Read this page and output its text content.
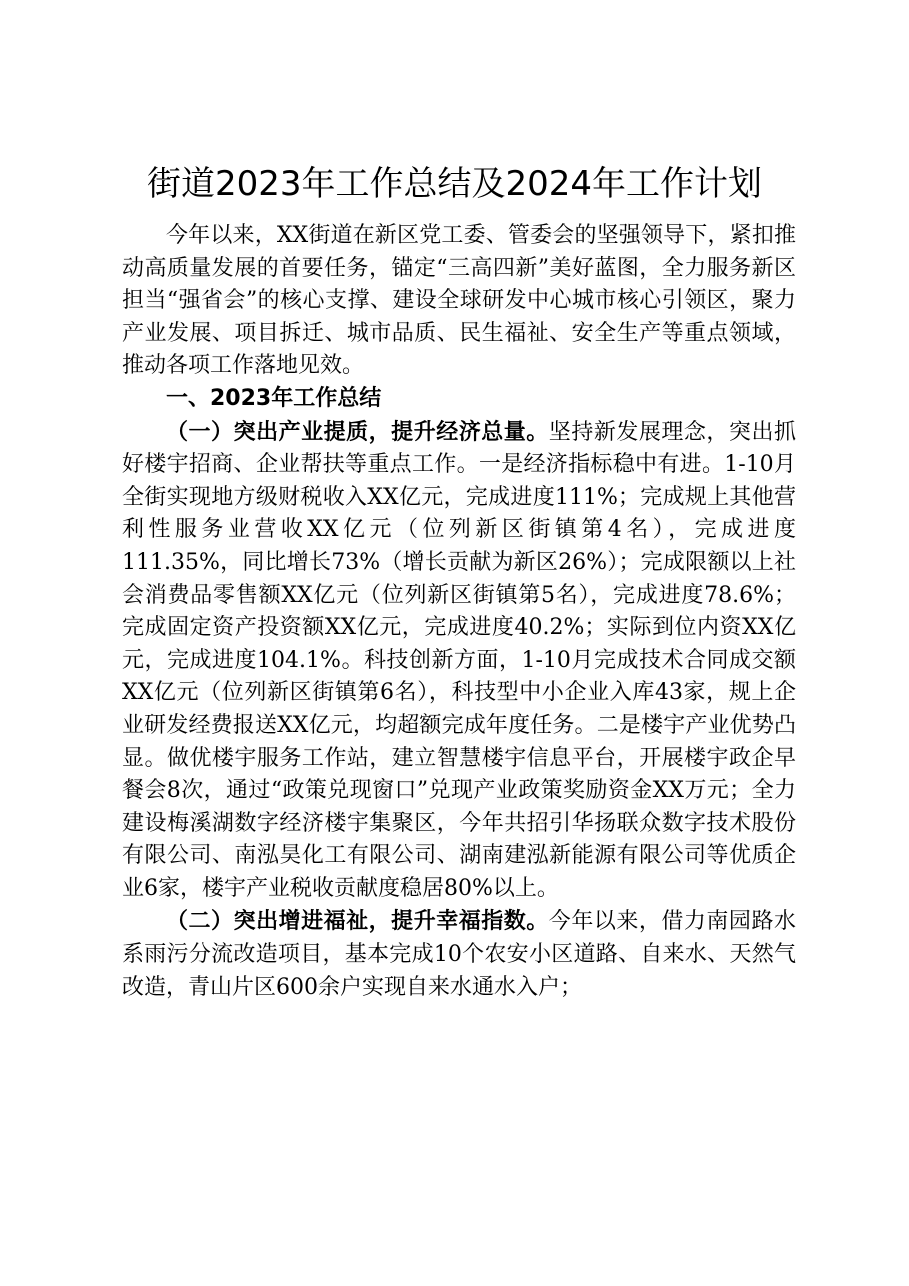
街道2023年工作总结及2024年工作计划

今年以来，XX街道在新区党工委、管委会的坚强领导下，紧扣推动高质量发展的首要任务，锚定“三高四新”美好蓝图，全力服务新区担当“强省会”的核心支撑、建设全球研发中心城市核心引领区，聚力产业发展、项目拆迁、城市品质、民生福祉、安全生产等重点领域，推动各项工作落地见效。

一、2023年工作总结

（一）突出产业提质，提升经济总量。坚持新发展理念，突出抓好楼宇招商、企业帮扶等重点工作。一是经济指标稳中有进。1-10月全街实现地方级财税收入XX亿元，完成进度111%；完成规上其他营利性服务业营收XX亿元（位列新区街镇第4名），完成进度111.35%，同比增长73%（增长贡献为新区26%）；完成限额以上社会消费品零售额XX亿元（位列新区街镇第5名），完成进度78.6%；完成固定资产投资额XX亿元，完成进度40.2%；实际到位内资XX亿元，完成进度104.1%。科技创新方面，1-10月完成技术合同成交额XX亿元（位列新区街镇第6名），科技型中小企业入库43家，规上企业研发经费报送XX亿元，均超额完成年度任务。二是楼宇产业优势凸显。做优楼宇服务工作站，建立智慧楼宇信息平台，开展楼宇政企早餐会8次，通过“政策兑现窗口”兑现产业政策奖励资金XX万元；全力建设梅溪湖数字经济楼宇集聚区，今年共招引华扬联众数字技术股份有限公司、南泓昊化工有限公司、湖南建泓新能源有限公司等优质企业6家，楼宇产业税收贡献度稳居80%以上。

（二）突出增进福祉，提升幸福指数。今年以来，借力南园路水系雨污分流改造项目，基本完成10个农安小区道路、自来水、天然气改造，青山片区600余户实现自来水通水入户；
